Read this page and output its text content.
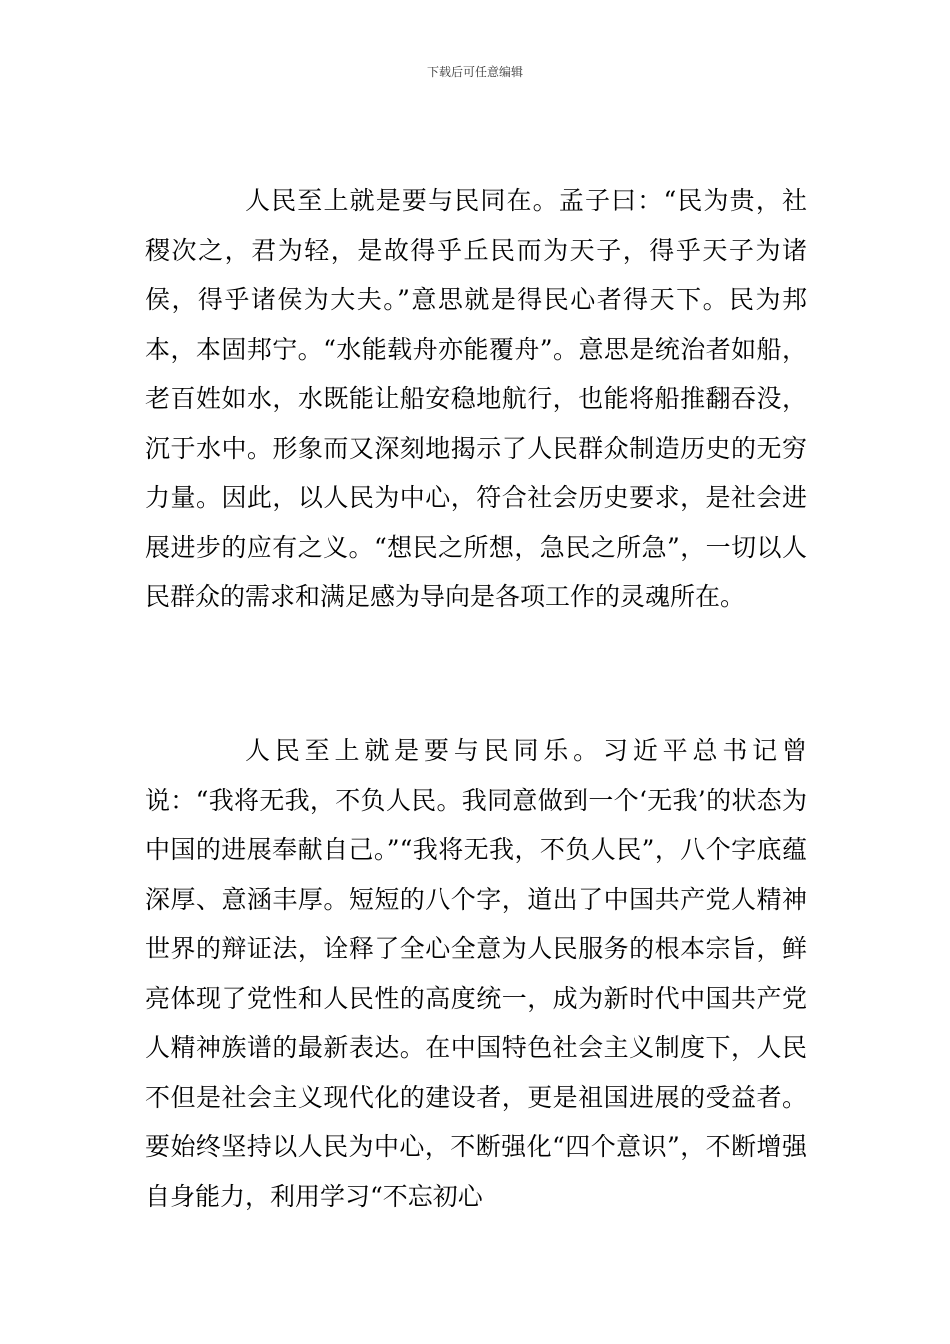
下载后可任意编辑

人民至上就是要与民同在。孟子曰：“民为贵，社稷次之，君为轻，是故得乎丘民而为天子，得乎天子为诸侯，得乎诸侯为大夫。”意思就是得民心者得天下。民为邦本，本固邦宁。“水能载舟亦能覆舟”。意思是统治者如船，老百姓如水，水既能让船安稳地航行，也能将船推翻吞没，沉于水中。形象而又深刻地揭示了人民群众制造历史的无穷力量。因此，以人民为中心，符合社会历史要求，是社会进展进步的应有之义。“想民之所想，急民之所急”，一切以人民群众的需求和满足感为导向是各项工作的灵魂所在。

人民至上就是要与民同乐。习近平总书记曾说：“我将无我，不负人民。我同意做到一个‘无我’的状态为中国的进展奉献自己。”“我将无我，不负人民”，八个字底蕴深厚、意涵丰厚。短短的八个字，道出了中国共产党人精神世界的辩证法，诠释了全心全意为人民服务的根本宗旨，鲜亮体现了党性和人民性的高度统一，成为新时代中国共产党人精神族谱的最新表达。在中国特色社会主义制度下，人民不但是社会主义现代化的建设者，更是祖国进展的受益者。要始终坚持以人民为中心，不断强化“四个意识”，不断增强自身能力，利用学习“不忘初心
